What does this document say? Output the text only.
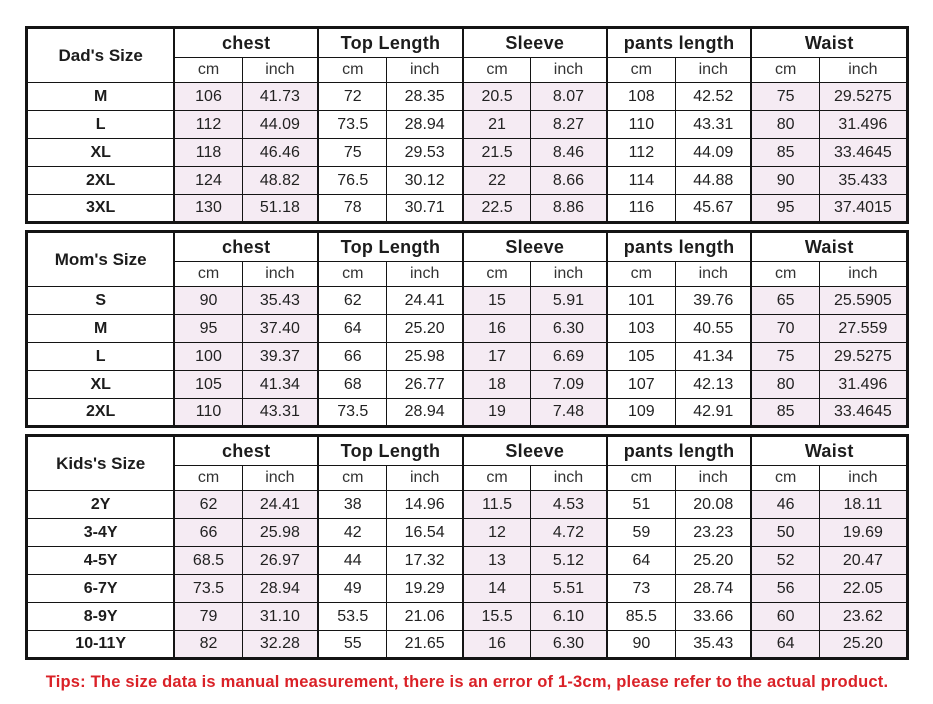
Dad's Size	chest		Top Length		Sleeve		pants length		Waist	
	cm	inch	cm	inch	cm	inch	cm	inch	cm	inch
M	106	41.73	72	28.35	20.5	8.07	108	42.52	75	29.5275
L	112	44.09	73.5	28.94	21	8.27	110	43.31	80	31.496
XL	118	46.46	75	29.53	21.5	8.46	112	44.09	85	33.4645
2XL	124	48.82	76.5	30.12	22	8.66	114	44.88	90	35.433
3XL	130	51.18	78	30.71	22.5	8.86	116	45.67	95	37.4015
Mom's Size	chest		Top Length		Sleeve		pants length		Waist	
	cm	inch	cm	inch	cm	inch	cm	inch	cm	inch
S	90	35.43	62	24.41	15	5.91	101	39.76	65	25.5905
M	95	37.40	64	25.20	16	6.30	103	40.55	70	27.559
L	100	39.37	66	25.98	17	6.69	105	41.34	75	29.5275
XL	105	41.34	68	26.77	18	7.09	107	42.13	80	31.496
2XL	110	43.31	73.5	28.94	19	7.48	109	42.91	85	33.4645
Kids's Size	chest		Top Length		Sleeve		pants length		Waist	
	cm	inch	cm	inch	cm	inch	cm	inch	cm	inch
2Y	62	24.41	38	14.96	11.5	4.53	51	20.08	46	18.11
3-4Y	66	25.98	42	16.54	12	4.72	59	23.23	50	19.69
4-5Y	68.5	26.97	44	17.32	13	5.12	64	25.20	52	20.47
6-7Y	73.5	28.94	49	19.29	14	5.51	73	28.74	56	22.05
8-9Y	79	31.10	53.5	21.06	15.5	6.10	85.5	33.66	60	23.62
10-11Y	82	32.28	55	21.65	16	6.30	90	35.43	64	25.20
Tips: The size data is manual measurement, there is an error of 1-3cm, please refer to the actual product.
